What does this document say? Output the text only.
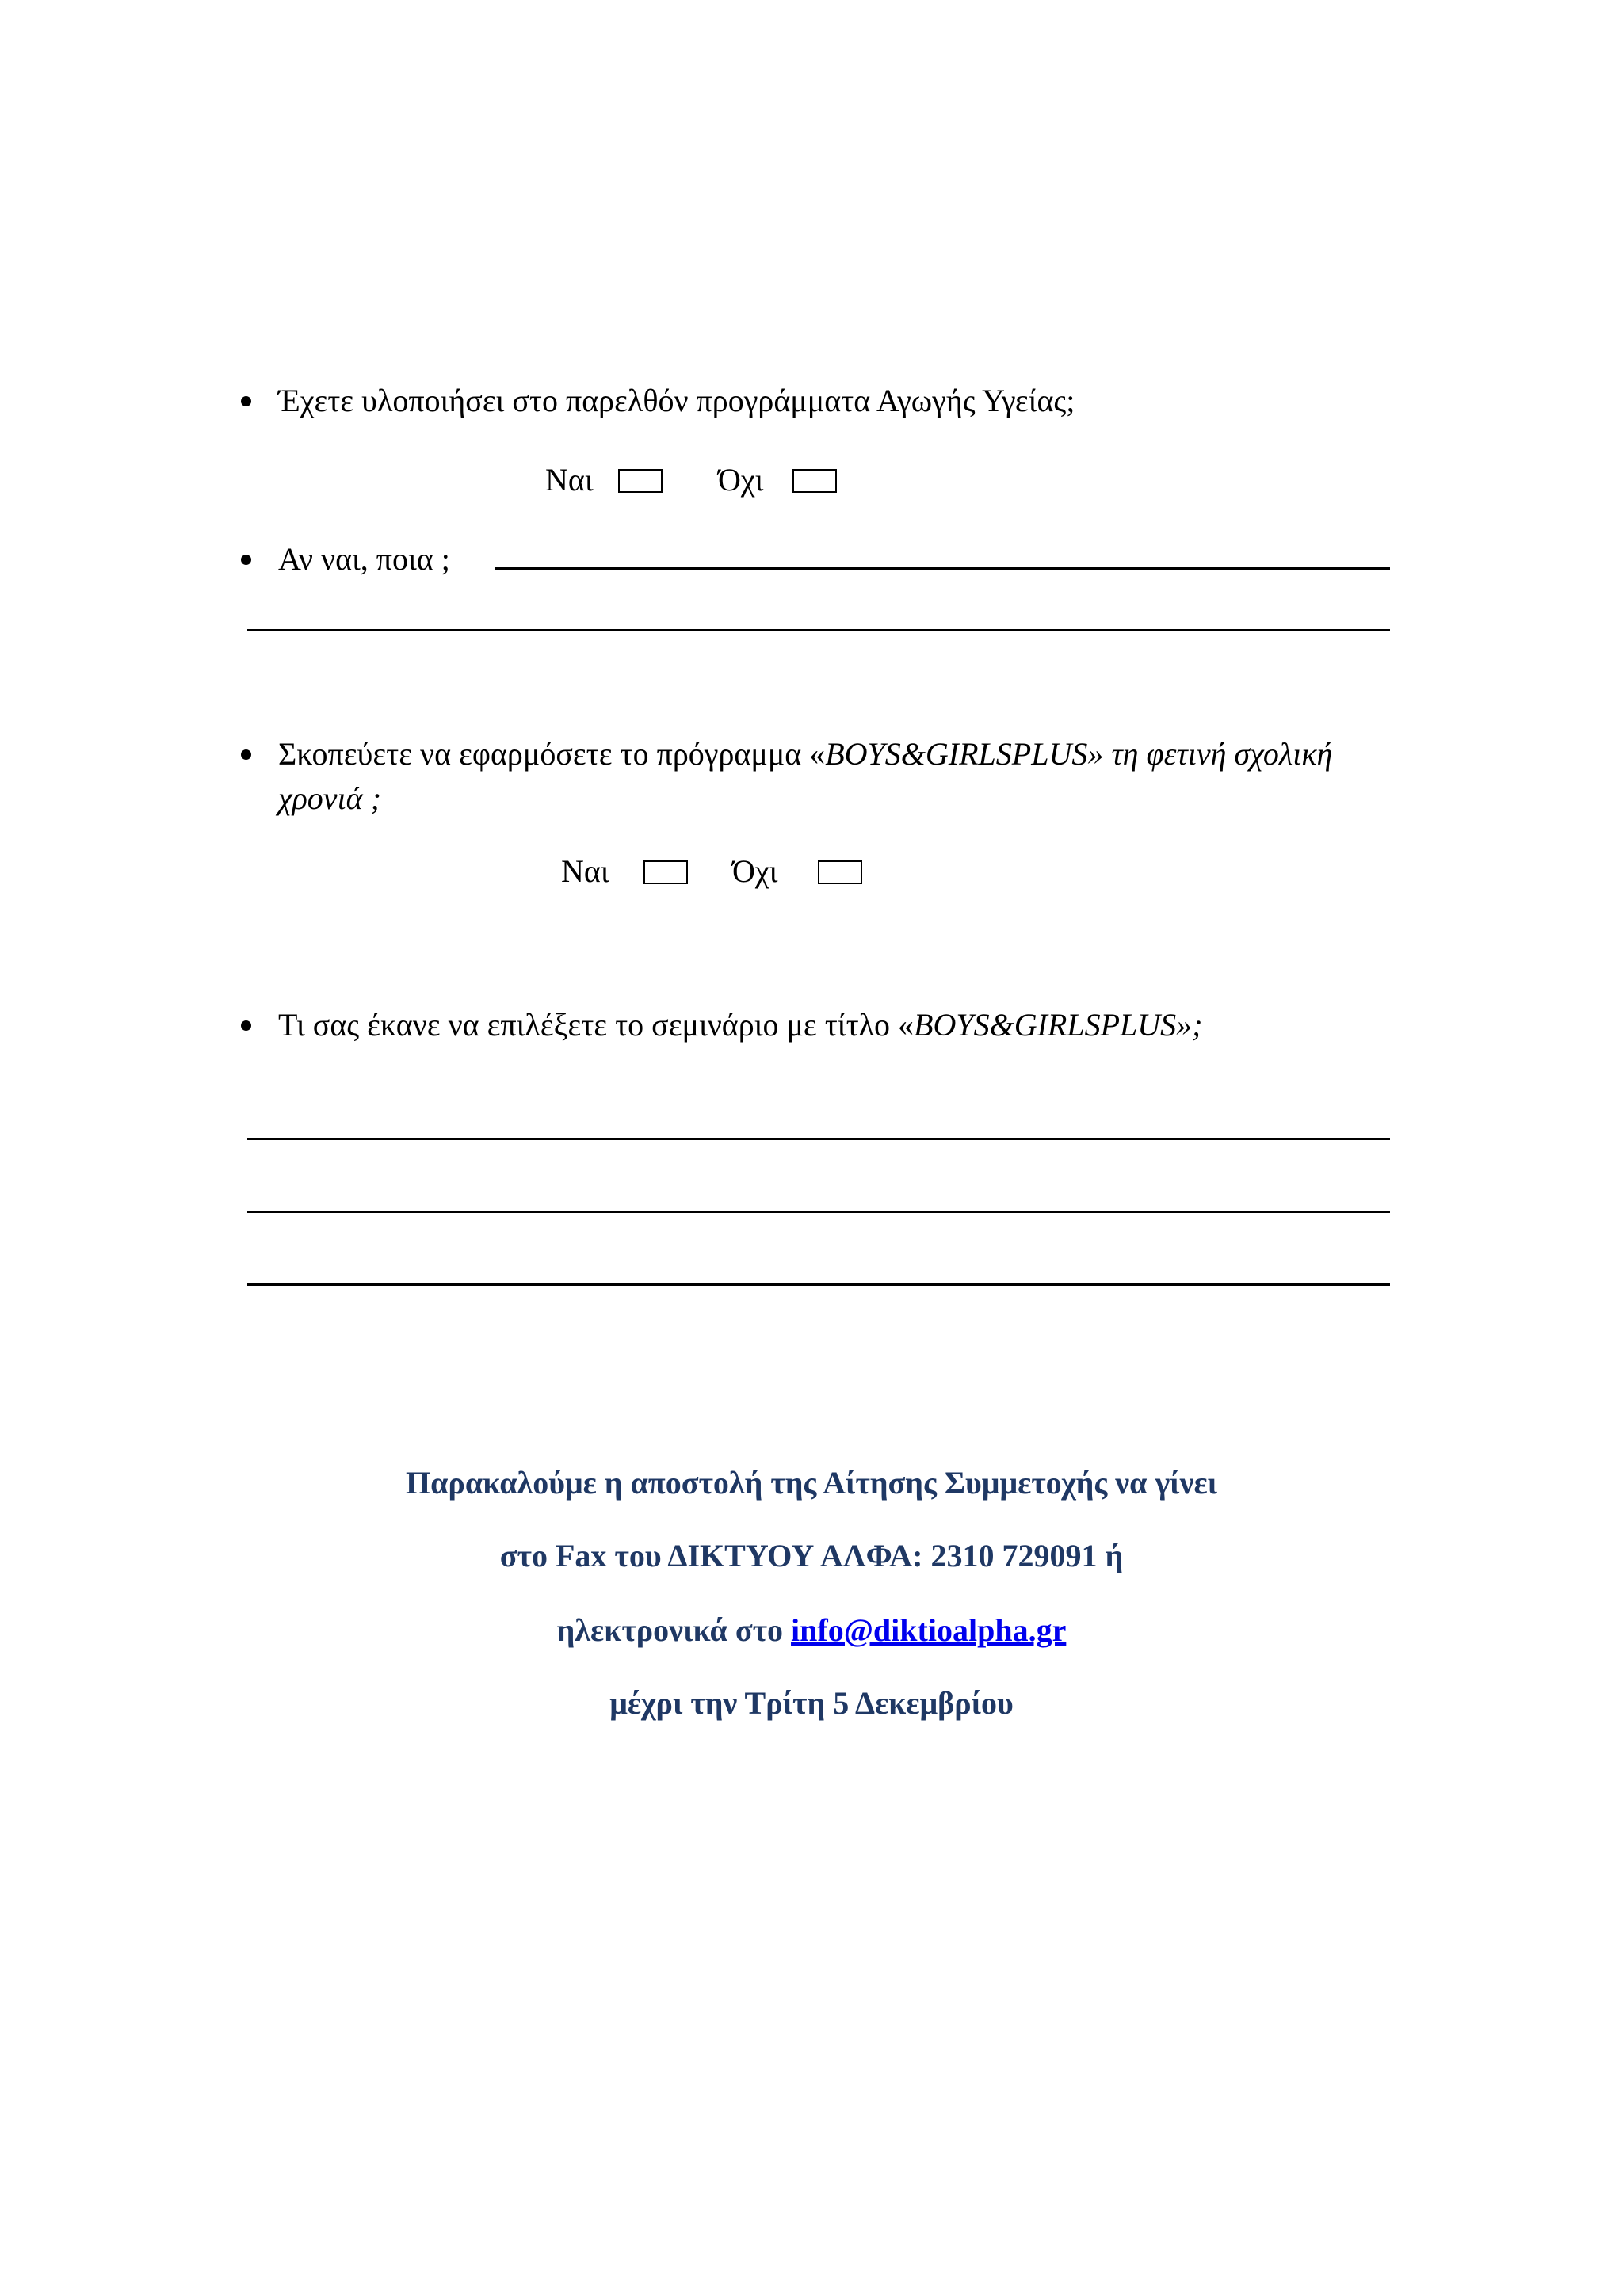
Έχετε υλοποιήσει στο παρελθόν προγράμματα Αγωγής Υγείας;
Ναι	Όχι
Αν ναι, ποια ;
Σκοπεύετε να εφαρμόσετε το πρόγραμμα « BOYS&GIRLSPLUS» τη φετινή σχολική
χρονιά ;
Ναι	Όχι
Τι σας έκανε να επιλέξετε το σεμινάριο με τίτλο «BOYS&GIRLSPLUS»;
Παρακαλούμε η αποστολή της Αίτησης Συμμετοχής να γίνει
στο Fax του ΔΙΚΤΥΟΥ ΑΛΦΑ: 2310 729091 ή
ηλεκτρονικά στο info@diktioalpha.gr
μέχρι την Τρίτη 5 Δεκεμβρίου
